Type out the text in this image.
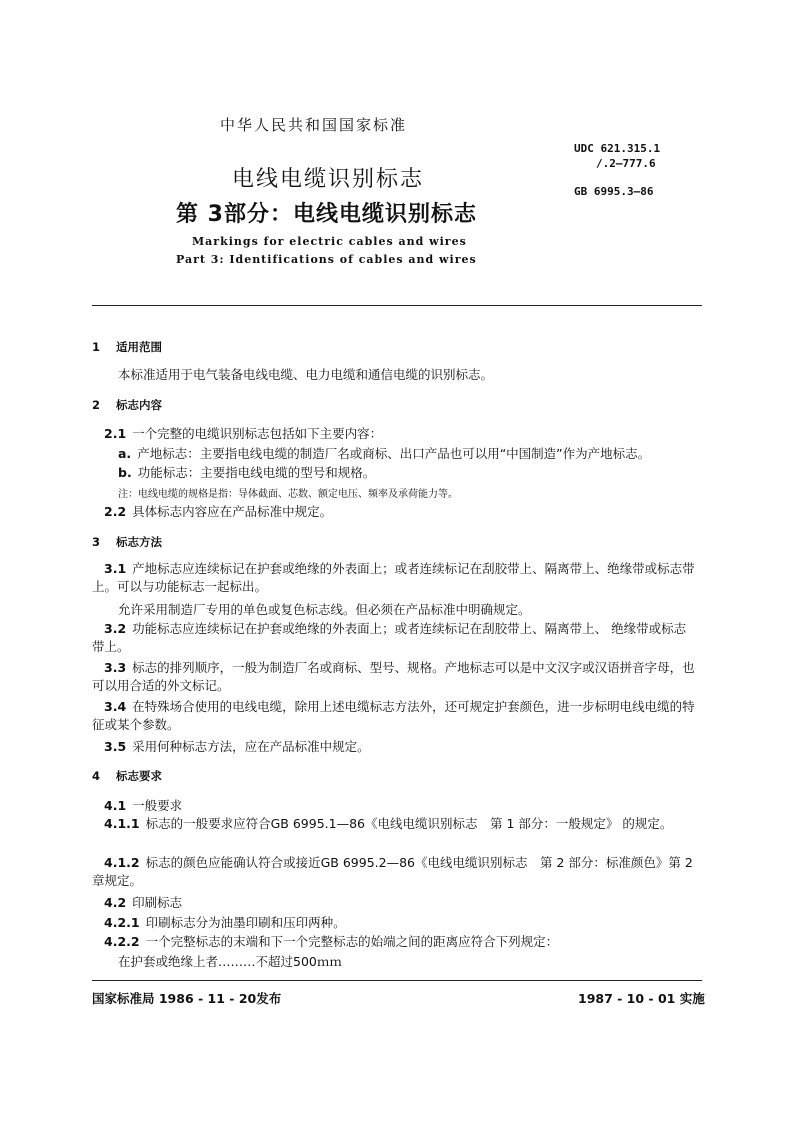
中华人民共和国国家标准
电线电缆识别标志
第 3部分：电线电缆识别标志
UDC 621.315.1
/.2—777.6
GB 6995.3—86
Markings for electric cables and wires
Part 3: Identifications of cables and wires
1 适用范围
本标准适用于电气装备电线电缆、电力电缆和通信电缆的识别标志。
2 标志内容
2.1 一个完整的电缆识别标志包括如下主要内容：
a. 产地标志：主要指电线电缆的制造厂名或商标、出口产品也可以用“中国制造”作为产地标志。
b. 功能标志：主要指电线电缆的型号和规格。
注：电线电缆的规格是指：导体截面、芯数、额定电压、频率及承荷能力等。
2.2 具体标志内容应在产品标准中规定。
3 标志方法
3.1 产地标志应连续标记在护套或绝缘的外表面上；或者连续标记在刮胶带上、隔离带上、绝缘带或标志带上。可以与功能标志一起标出。
允许采用制造厂专用的单色或复色标志线。但必须在产品标准中明确规定。
3.2 功能标志应连续标记在护套或绝缘的外表面上；或者连续标记在刮胶带上、隔离带上、 绝缘带或标志带上。
3.3 标志的排列顺序，一般为制造厂名或商标、型号、规格。产地标志可以是中文汉字或汉语拼音字母，也可以用合适的外文标记。
3.4 在特殊场合使用的电线电缆，除用上述电缆标志方法外，还可规定护套颜色，进一步标明电线电缆的特征或某个参数。
3.5 采用何种标志方法，应在产品标准中规定。
4 标志要求
4.1 一般要求
4.1.1 标志的一般要求应符合GB 6995.1—86《电线电缆识别标志　第 1 部分：一般规定》 的规定。
4.1.2 标志的颜色应能确认符合或接近GB 6995.2—86《电线电缆识别标志　第 2 部分：标准颜色》第 2 章规定。
4.2 印刷标志
4.2.1 印刷标志分为油墨印刷和压印两种。
4.2.2 一个完整标志的末端和下一个完整标志的始端之间的距离应符合下列规定：
在护套或绝缘上者………不超过500ｍｍ
国家标准局 1986 - 11 - 20发布	1987 - 10 - 01 实施
